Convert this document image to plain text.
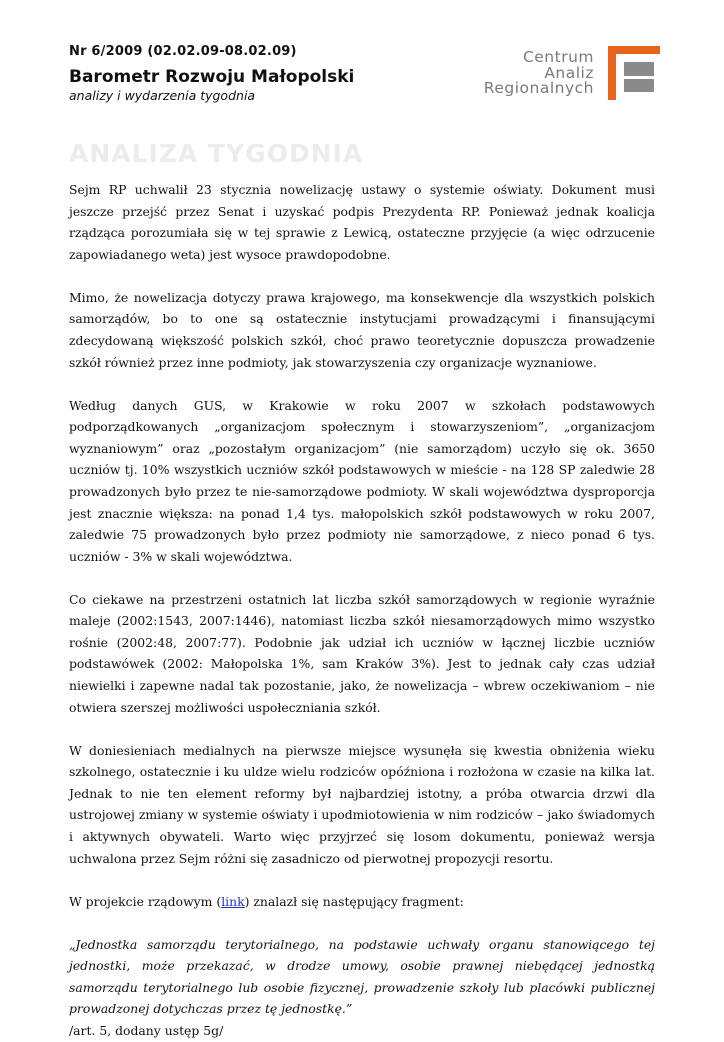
Nr 6/2009 (02.02.09-08.02.09)

Barometr Rozwoju Małopolski

analizy i wydarzenia tygodnia

Centrum
Analiz
Regionalnych
ANALIZA TYGODNIA

Sejm RP uchwalił 23 stycznia nowelizację ustawy o systemie oświaty. Dokument musi jeszcze przejść przez Senat i uzyskać podpis Prezydenta RP. Ponieważ jednak koalicja rządząca porozumiała się w tej sprawie z Lewicą, ostateczne przyjęcie (a więc odrzucenie zapowiadanego weta) jest wysoce prawdopodobne.

Mimo, że nowelizacja dotyczy prawa krajowego, ma konsekwencje dla wszystkich polskich samorządów, bo to one są ostatecznie instytucjami prowadzącymi i finansującymi zdecydowaną większość polskich szkół, choć prawo teoretycznie dopuszcza prowadzenie szkół również przez inne podmioty, jak stowarzyszenia czy organizacje wyznaniowe.

Według danych GUS, w Krakowie w roku 2007 w szkołach podstawowych podporządkowanych „organizacjom społecznym i stowarzyszeniom”, „organizacjom wyznaniowym” oraz „pozostałym organizacjom” (nie samorządom) uczyło się ok. 3650 uczniów tj. 10% wszystkich uczniów szkół podstawowych w mieście - na 128 SP zaledwie 28 prowadzonych było przez te nie-samorządowe podmioty. W skali województwa dysproporcja jest znacznie większa: na ponad 1,4 tys. małopolskich szkół podstawowych w roku 2007, zaledwie 75 prowadzonych było przez podmioty nie samorządowe, z nieco ponad 6 tys. uczniów - 3% w skali województwa.

Co ciekawe na przestrzeni ostatnich lat liczba szkół samorządowych w regionie wyraźnie maleje (2002:1543, 2007:1446), natomiast liczba szkół niesamorządowych mimo wszystko rośnie (2002:48, 2007:77). Podobnie jak udział ich uczniów w łącznej liczbie uczniów podstawówek (2002: Małopolska 1%, sam Kraków 3%). Jest to jednak cały czas udział niewielki i zapewne nadal tak pozostanie, jako, że nowelizacja – wbrew oczekiwaniom – nie otwiera szerszej możliwości uspołeczniania szkół.

W doniesieniach medialnych na pierwsze miejsce wysunęła się kwestia obniżenia wieku szkolnego, ostatecznie i ku uldze wielu rodziców opóźniona i rozłożona w czasie na kilka lat. Jednak to nie ten element reformy był najbardziej istotny, a próba otwarcia drzwi dla ustrojowej zmiany w systemie oświaty i upodmiotowienia w nim rodziców – jako świadomych i aktywnych obywateli. Warto więc przyjrzeć się losom dokumentu, ponieważ wersja uchwalona przez Sejm różni się zasadniczo od pierwotnej propozycji resortu.

W projekcie rządowym (link) znalazł się następujący fragment:

„Jednostka samorządu terytorialnego, na podstawie uchwały organu stanowiącego tej jednostki, może przekazać, w drodze umowy, osobie prawnej niebędącej jednostką samorządu terytorialnego lub osobie fizycznej, prowadzenie szkoły lub placówki publicznej prowadzonej dotychczas przez tę jednostkę.”

/art. 5, dodany ustęp 5g/
